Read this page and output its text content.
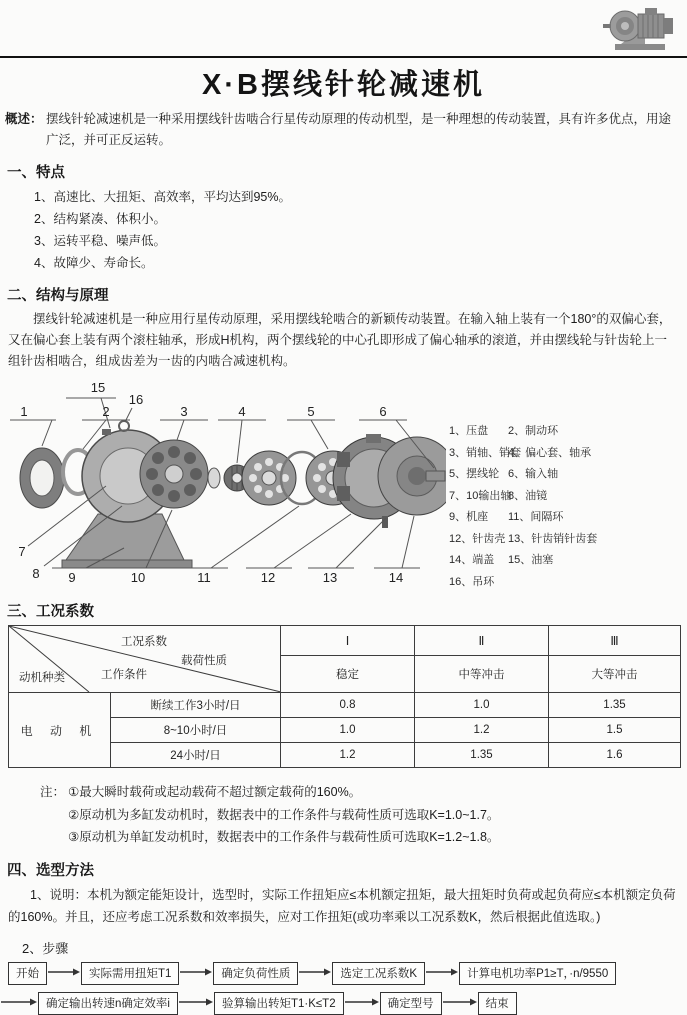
X·B摆线针轮减速机
概述： 摆线针轮减速机是一种采用摆线针齿啮合行星传动原理的传动机型，是一种理想的传动装置，具有许多优点，用途广泛，并可正反运转。
一、特点
1、高速比、大扭矩、高效率，平均达到95%。
2、结构紧凑、体积小。
3、运转平稳、噪声低。
4、故障少、寿命长。
二、结构与原理

摆线针轮减速机是一种应用行星传动原理，采用摆线轮啮合的新颖传动装置。在输入轴上装有一个180°的双偏心套，又在偏心套上装有两个滚柱轴承，形成H机构，两个摆线轮的中心孔即形成了偏心轴承的滚道，并由摆线轮与针齿轮上一组针齿相啮合，组成齿差为一齿的内啮合减速机构。

1
15
16
2	3	4	5	6
7
8 9	10	11	12	13	14
1、压盘
3、销轴、销套
5、摆线轮
7、10输出轴
9、机座
12、针齿壳
14、端盖
16、吊环
2、制动环
4、偏心套、轴承
6、输入轴
8、油镜
11、间隔环
13、针齿销针齿套
15、油塞
三、工况系数
工况系数
载荷性质
动机种类 工作条件		Ⅰ	Ⅱ	Ⅲ
		稳定	中等冲击	大等冲击
电 动 机	断续工作3小时/日	0.8	1.0	1.35
	8~10小时/日	1.0	1.2	1.5
	24小时/日	1.2	1.35	1.6
注： ①最大瞬时载荷或起动载荷不超过额定载荷的160%。
②原动机为多缸发动机时，数据表中的工作条件与载荷性质可选取K=1.0~1.7。
③原动机为单缸发动机时，数据表中的工作条件与载荷性质可选取K=1.2~1.8。
四、选型方法

1、说明：本机为额定能矩设计，选型时，实际工作扭矩应≤本机额定扭矩，最大扭矩时负荷或起负荷应≤本机额定负荷的160%。并且，还应考虑工况系数和效率损失，应对工作扭矩(或功率乘以工况系数K，然后根据此值选取。)

2、步骤
开始	实际需用扭矩T1	确定负荷性质	选定工况系数K	计算电机功率P1≥T，·n/9550
确定输出转速n确定效率i	验算输出转矩T1·K≤T2	确定型号	结束
